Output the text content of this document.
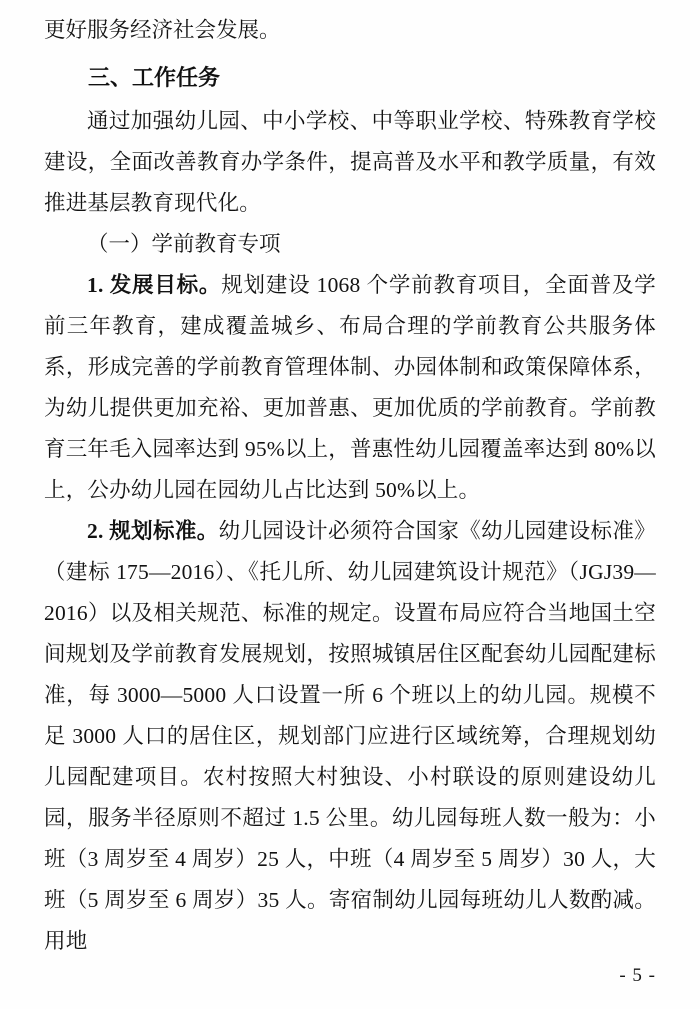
更好服务经济社会发展。

三、工作任务

通过加强幼儿园、中小学校、中等职业学校、特殊教育学校建设，全面改善教育办学条件，提高普及水平和教学质量，有效推进基层教育现代化。

（一）学前教育专项

1. 发展目标。规划建设 1068 个学前教育项目，全面普及学前三年教育，建成覆盖城乡、布局合理的学前教育公共服务体系，形成完善的学前教育管理体制、办园体制和政策保障体系，为幼儿提供更加充裕、更加普惠、更加优质的学前教育。学前教育三年毛入园率达到 95%以上，普惠性幼儿园覆盖率达到 80%以上，公办幼儿园在园幼儿占比达到 50%以上。

2. 规划标准。幼儿园设计必须符合国家《幼儿园建设标准》（建标 175—2016）、《托儿所、幼儿园建筑设计规范》（JGJ39—2016）以及相关规范、标准的规定。设置布局应符合当地国土空间规划及学前教育发展规划，按照城镇居住区配套幼儿园配建标准，每 3000—5000 人口设置一所 6 个班以上的幼儿园。规模不足 3000 人口的居住区，规划部门应进行区域统筹，合理规划幼儿园配建项目。农村按照大村独设、小村联设的原则建设幼儿园，服务半径原则不超过 1.5 公里。幼儿园每班人数一般为：小班（3 周岁至 4 周岁）25 人，中班（4 周岁至 5 周岁）30 人，大班（5 周岁至 6 周岁）35 人。寄宿制幼儿园每班幼儿人数酌减。用地

- 5 -
